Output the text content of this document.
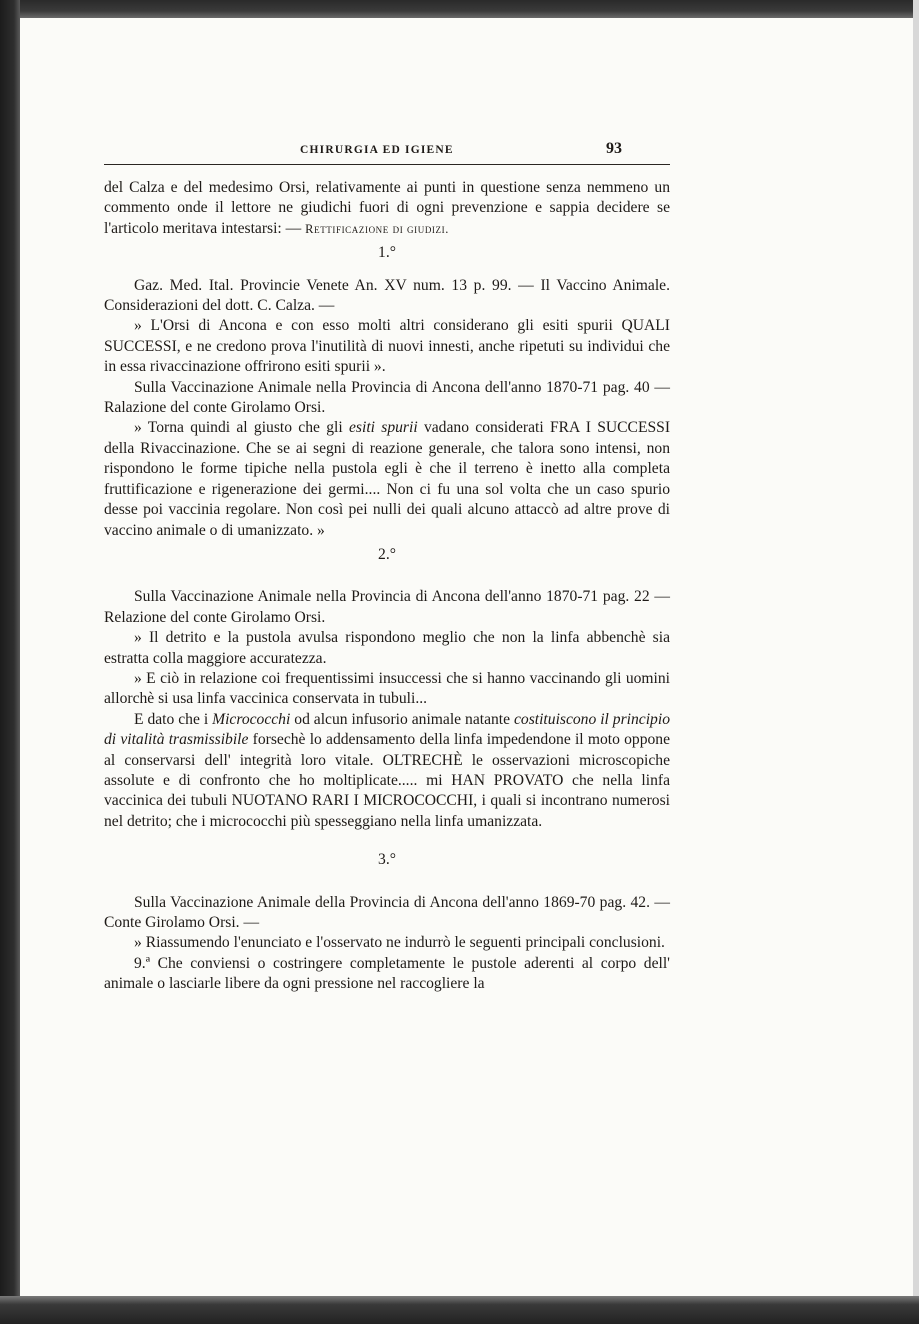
CHIRURGIA ED IGIENE	93

del Calza e del medesimo Orsi, relativamente ai punti in questione senza nemmeno un commento onde il lettore ne giudichi fuori di ogni prevenzione e sappia decidere se l'articolo meritava intestarsi: — Rettificazione di giudizi.

1.°

Gaz. Med. Ital. Provincie Venete An. XV num. 13 p. 99. — Il Vaccino Animale. Considerazioni del dott. C. Calza. —

» L'Orsi di Ancona e con esso molti altri considerano gli esiti spurii QUALI SUCCESSI, e ne credono prova l'inutilità di nuovi innesti, anche ripetuti su individui che in essa rivaccinazione offrirono esiti spurii ».

Sulla Vaccinazione Animale nella Provincia di Ancona dell'anno 1870-71 pag. 40 — Ralazione del conte Girolamo Orsi.

» Torna quindi al giusto che gli esiti spurii vadano considerati FRA I SUCCESSI della Rivaccinazione. Che se ai segni di reazione generale, che talora sono intensi, non rispondono le forme tipiche nella pustola egli è che il terreno è inetto alla completa fruttificazione e rigenerazione dei germi.... Non ci fu una sol volta che un caso spurio desse poi vaccinia regolare. Non così pei nulli dei quali alcuno attaccò ad altre prove di vaccino animale o di umanizzato. »

2.°

Sulla Vaccinazione Animale nella Provincia di Ancona dell'anno 1870-71 pag. 22 — Relazione del conte Girolamo Orsi.

» Il detrito e la pustola avulsa rispondono meglio che non la linfa abbenchè sia estratta colla maggiore accuratezza.

» E ciò in relazione coi frequentissimi insuccessi che si hanno vaccinando gli uomini allorchè si usa linfa vaccinica conservata in tubuli...

E dato che i Micrococchi od alcun infusorio animale natante costituiscono il principio di vitalità trasmissibile forsechè lo addensamento della linfa impedendone il moto oppone al conservarsi dell' integrità loro vitale. OLTRECHÈ le osservazioni microscopiche assolute e di confronto che ho moltiplicate..... mi HAN PROVATO che nella linfa vaccinica dei tubuli NUOTANO RARI I MICROCOCCHI, i quali si incontrano numerosi nel detrito; che i micrococchi più spesseggiano nella linfa umanizzata.

3.°

Sulla Vaccinazione Animale della Provincia di Ancona dell'anno 1869-70 pag. 42. — Conte Girolamo Orsi. —

» Riassumendo l'enunciato e l'osservato ne indurrò le seguenti principali conclusioni.

9.ª Che conviensi o costringere completamente le pustole aderenti al corpo dell' animale o lasciarle libere da ogni pressione nel raccogliere la
